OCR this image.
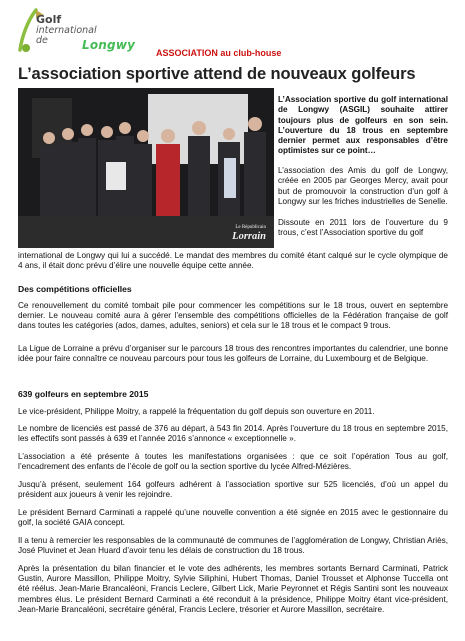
Golf
international
de	Longwy
ASSOCIATION au club-house
L’association sportive attend de nouveaux golfeurs
Le Républicain
Lorrain

L’Association sportive du golf international de Longwy (ASGIL) souhaite attirer toujours plus de golfeurs en son sein. L’ouverture du 18 trous en septembre dernier permet aux responsables d’être optimistes sur ce point…

L’association des Amis du golf de Longwy, créée en 2005 par Georges Mercy, avait pour but de promouvoir la construction d’un golf à Longwy sur les friches industrielles de Senelle.

Dissoute en 2011 lors de l’ouverture du 9 trous, c’est l’Association sportive du golf

international de Longwy qui lui a succédé. Le mandat des membres du comité étant calqué sur le cycle olympique de 4 ans, il était donc prévu d’élire une nouvelle équipe cette année.

Des compétitions officielles

Ce renouvellement du comité tombait pile pour commencer les compétitions sur le 18 trous, ouvert en septembre dernier. Le nouveau comité aura à gérer l’ensemble des compétitions officielles de la Fédération française de golf dans toutes les catégories (ados, dames, adultes, seniors) et cela sur le 18 trous et le compact 9 trous.

La Ligue de Lorraine a prévu d’organiser sur le parcours 18 trous des rencontres importantes du calendrier, une bonne idée pour faire connaître ce nouveau parcours pour tous les golfeurs de Lorraine, du Luxembourg et de Belgique.

639 golfeurs en septembre 2015

Le vice-président, Philippe Moitry, a rappelé la fréquentation du golf depuis son ouverture en 2011.

Le nombre de licenciés est passé de 376 au départ, à 543 fin 2014. Après l’ouverture du 18 trous en septembre 2015, les effectifs sont passés à 639 et l’année 2016 s’annonce « exceptionnelle ».

L’association a été présente à toutes les manifestations organisées : que ce soit l’opération Tous au golf, l’encadrement des enfants de l’école de golf ou la section sportive du lycée Alfred-Mézières.

Jusqu’à présent, seulement 164 golfeurs adhérent à l’association sportive sur 525 licenciés, d’où un appel du président aux joueurs à venir les rejoindre.

Le président Bernard Carminati a rappelé qu’une nouvelle convention a été signée en 2015 avec le gestionnaire du golf, la société GAIA concept.

Il a tenu à remercier les responsables de la communauté de communes de l’agglomération de Longwy, Christian Ariès, José Pluvinet et Jean Huard d’avoir tenu les délais de construction du 18 trous.

Après la présentation du bilan financier et le vote des adhérents, les membres sortants Bernard Carminati, Patrick Gustin, Aurore Massillon, Philippe Moitry, Sylvie Siliphini, Hubert Thomas, Daniel Trousset et Alphonse Tuccella ont été réélus. Jean-Marie Brancaléoni, Francis Leclere, Gilbert Lick, Marie Peyronnet et Régis Santini sont les nouveaux membres élus. Le président Bernard Carminati a été reconduit à la présidence, Philippe Moitry étant vice-président, Jean-Marie Brancaléoni, secrétaire général, Francis Leclere, trésorier et Aurore Massillon, secrétaire.
